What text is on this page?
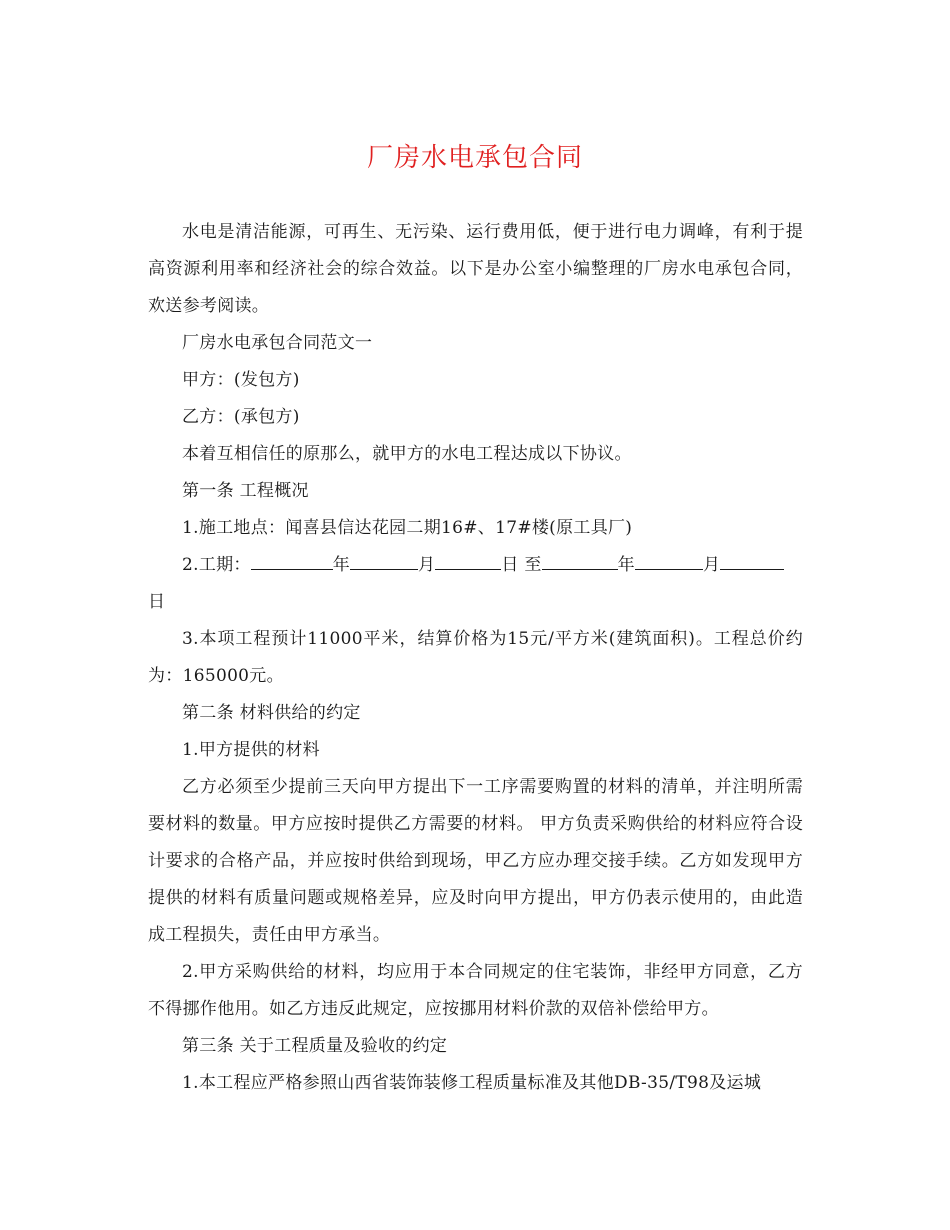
厂房水电承包合同

水电是清洁能源，可再生、无污染、运行费用低，便于进行电力调峰，有利于提高资源利用率和经济社会的综合效益。以下是办公室小编整理的厂房水电承包合同，欢送参考阅读。

厂房水电承包合同范文一

甲方：(发包方)

乙方：(承包方)

本着互相信任的原那么，就甲方的水电工程达成以下协议。

第一条 工程概况

1.施工地点：闻喜县信达花园二期16#、17#楼(原工具厂)

2.工期：	年	月	日 至	年	月
日

3.本项工程预计11000平米，结算价格为15元/平方米(建筑面积)。工程总价约为：165000元。

第二条 材料供给的约定

1.甲方提供的材料

乙方必须至少提前三天向甲方提出下一工序需要购置的材料的清单，并注明所需要材料的数量。甲方应按时提供乙方需要的材料。 甲方负责采购供给的材料应符合设计要求的合格产品，并应按时供给到现场，甲乙方应办理交接手续。乙方如发现甲方提供的材料有质量问题或规格差异，应及时向甲方提出，甲方仍表示使用的，由此造成工程损失，责任由甲方承当。

2.甲方采购供给的材料，均应用于本合同规定的住宅装饰，非经甲方同意，乙方不得挪作他用。如乙方违反此规定，应按挪用材料价款的双倍补偿给甲方。

第三条 关于工程质量及验收的约定

1.本工程应严格参照山西省装饰装修工程质量标准及其他DB-35/T98及运城
